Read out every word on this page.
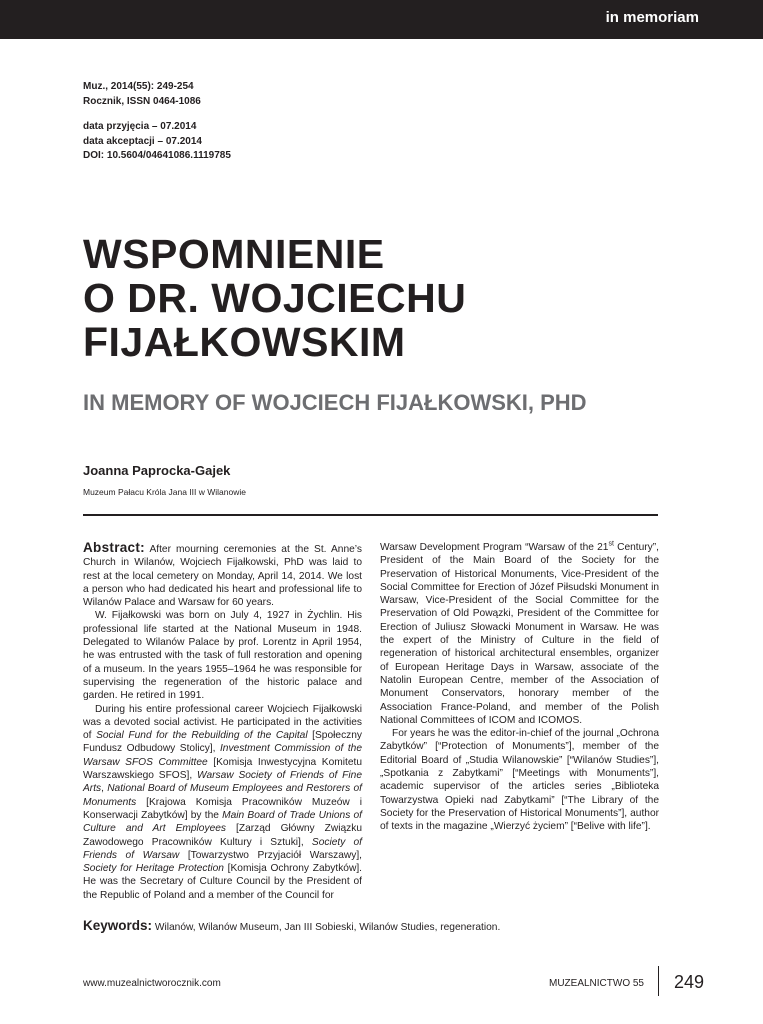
in memoriam
Muz., 2014(55): 249-254
Rocznik, ISSN 0464-1086
data przyjęcia – 07.2014
data akceptacji – 07.2014
DOI: 10.5604/04641086.1119785
WSPOMNIENIE
O DR. WOJCIECHU
FIJAŁKOWSKIM
IN MEMORY OF WOJCIECH FIJAŁKOWSKI, PHD
Joanna Paprocka-Gajek
Muzeum Pałacu Króla Jana III w Wilanowie

Abstract: After mourning ceremonies at the St. Anne’s Church in Wilanów, Wojciech Fijałkowski, PhD was laid to rest at the local cemetery on Monday, April 14, 2014. We lost a person who had dedicated his heart and professional life to Wilanów Palace and Warsaw for 60 years.

W. Fijałkowski was born on July 4, 1927 in Żychlin. His professional life started at the National Museum in 1948. Delegated to Wilanów Palace by prof. Lorentz in April 1954, he was entrusted with the task of full restoration and opening of a museum. In the years 1955–1964 he was responsible for supervising the regeneration of the historic palace and garden. He retired in 1991.

During his entire professional career Wojciech Fijałkowski was a devoted social activist. He participated in the activities of Social Fund for the Rebuilding of the Capital [Społeczny Fundusz Odbudowy Stolicy], Investment Commission of the Warsaw SFOS Committee [Komisja Inwestycyjna Komitetu Warszawskiego SFOS], Warsaw Society of Friends of Fine Arts, National Board of Museum Employees and Restorers of Monuments [Krajowa Komisja Pracowników Muzeów i Konserwacji Zabytków] by the Main Board of Trade Unions of Culture and Art Employees [Zarząd Główny Związku Zawodowego Pracowników Kultury i Sztuki], Society of Friends of Warsaw [Towarzystwo Przyjaciół Warszawy], Society for Heritage Protection [Komisja Ochrony Zabytków]. He was the Secretary of Culture Council by the President of the Republic of Poland and a member of the Council for

Warsaw Development Program “Warsaw of the 21st Century”, President of the Main Board of the Society for the Preservation of Historical Monuments, Vice-President of the Social Committee for Erection of Józef Piłsudski Monument in Warsaw, Vice-President of the Social Committee for the Preservation of Old Powązki, President of the Committee for Erection of Juliusz Słowacki Monument in Warsaw. He was the expert of the Ministry of Culture in the field of regeneration of historical architectural ensembles, organizer of European Heritage Days in Warsaw, associate of the Natolin European Centre, member of the Association of Monument Conservators, honorary member of the Association France-Poland, and member of the Polish National Committees of ICOM and ICOMOS.

For years he was the editor-in-chief of the journal „Ochrona Zabytków” [“Protection of Monuments”], member of the Editorial Board of „Studia Wilanowskie” [“Wilanów Studies”], „Spotkania z Zabytkami” [“Meetings with Monuments”], academic supervisor of the articles series „Biblioteka Towarzystwa Opieki nad Zabytkami” [“The Library of the Society for the Preservation of Historical Monuments”], author of texts in the magazine „Wierzyć życiem” [“Belive with life”].

Keywords: Wilanów, Wilanów Museum, Jan III Sobieski, Wilanów Studies, regeneration.
www.muzealnictworocznik.com	MUZEALNICTWO 55 249
